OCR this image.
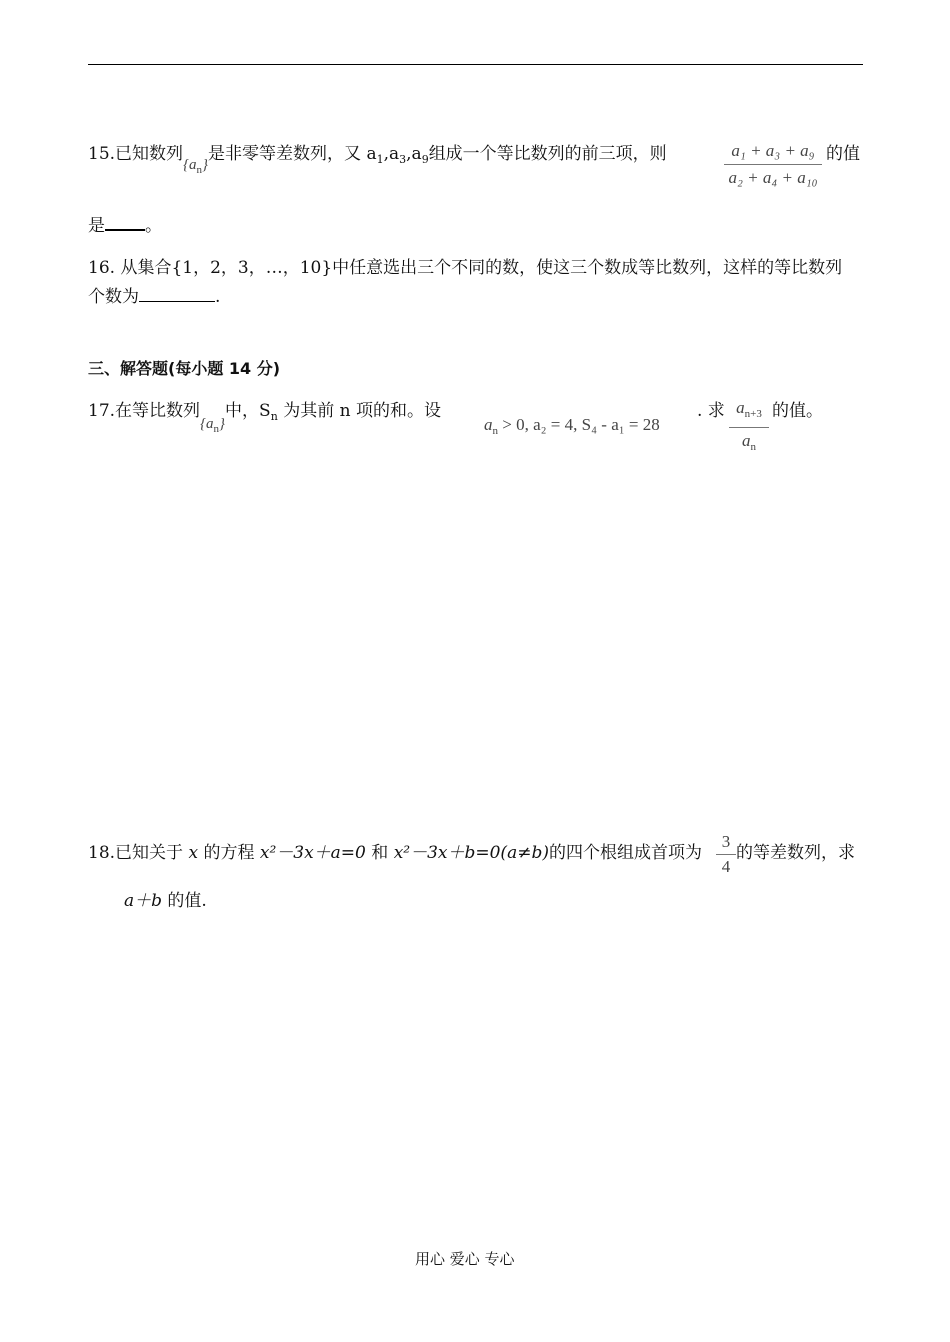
15.已知数列$\{a_n\}$是非零等差数列，又 $a_1,a_3,a_9$组成一个等比数列的前三项，则	a₁ + a₃ + a₉
a₂ + a₄ + a₁₀
的值
是 。
16. 从集合{1，2，3，…，10}中任意选出三个不同的数，使这三个数成等比数列，这样的等比数列
个数为	.
三、解答题(每小题 14 分)
17.在等比数列$\{a_n\}$中，$S_n$ 为其前 n 项的和。设
$a_n > 0$, a₂ = 4, S₄ - a₁ = 28
. 求 $a_{n+3}$
$a_n$
的值。
18.已知关于 x 的方程 x²－3x＋a=0 和 x²－3x＋b=0(a≠b)的四个根组成首项为
3
4
的等差数列，求
a＋b 的值.
用心 爱心 专心
